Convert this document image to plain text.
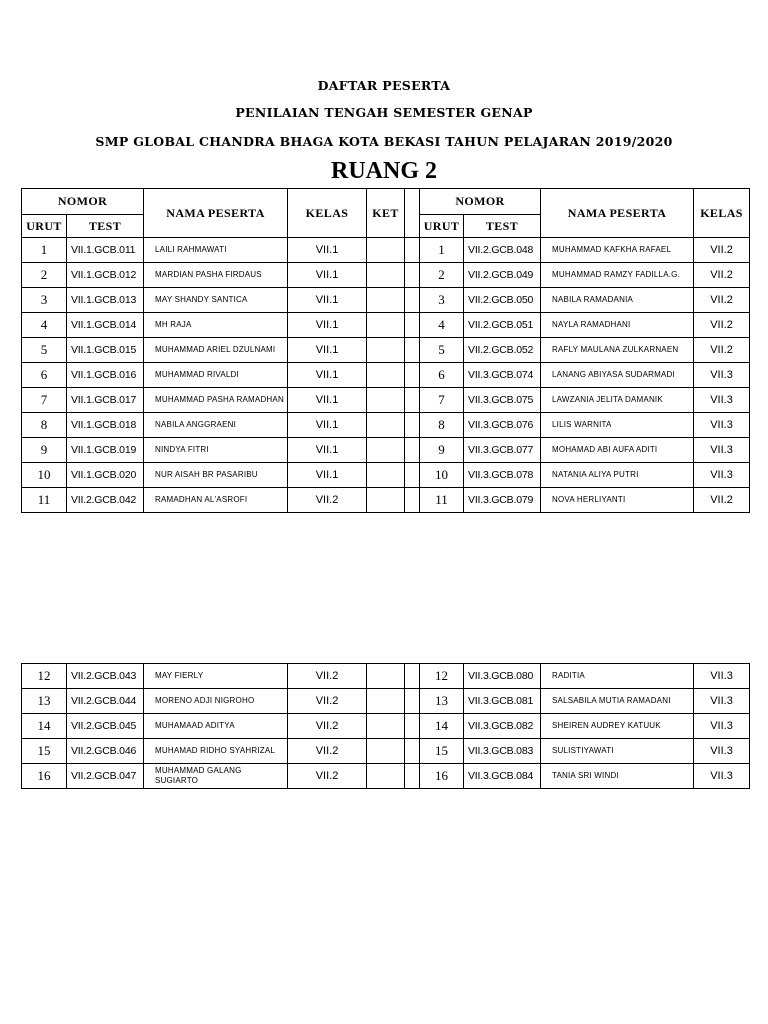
DAFTAR PESERTA
PENILAIAN TENGAH SEMESTER GENAP
SMP GLOBAL CHANDRA BHAGA KOTA BEKASI TAHUN PELAJARAN 2019/2020
RUANG 2
NOMOR		NAMA PESERTA	KELAS	KET		NOMOR		NAMA PESERTA	KELAS
URUT	TEST					URUT	TEST		
1	VII.1.GCB.011	LAILI RAHMAWATI	VII.1			1	VII.2.GCB.048	MUHAMMAD KAFKHA RAFAEL	VII.2
2	VII.1.GCB.012	MARDIAN PASHA FIRDAUS	VII.1			2	VII.2.GCB.049	MUHAMMAD RAMZY FADILLA.G.	VII.2
3	VII.1.GCB.013	MAY SHANDY SANTICA	VII.1			3	VII.2.GCB.050	NABILA RAMADANIA	VII.2
4	VII.1.GCB.014	MH RAJA	VII.1			4	VII.2.GCB.051	NAYLA RAMADHANI	VII.2
5	VII.1.GCB.015	MUHAMMAD ARIEL DZULNAMI	VII.1			5	VII.2.GCB.052	RAFLY MAULANA ZULKARNAEN	VII.2
6	VII.1.GCB.016	MUHAMMAD RIVALDI	VII.1			6	VII.3.GCB.074	LANANG ABIYASA SUDARMADI	VII.3
7	VII.1.GCB.017	MUHAMMAD PASHA RAMADHAN	VII.1			7	VII.3.GCB.075	LAWZANIA JELITA DAMANIK	VII.3
8	VII.1.GCB.018	NABILA ANGGRAENI	VII.1			8	VII.3.GCB.076	LILIS WARNITA	VII.3
9	VII.1.GCB.019	NINDYA FITRI	VII.1			9	VII.3.GCB.077	MOHAMAD ABI AUFA ADITI	VII.3
10	VII.1.GCB.020	NUR AISAH BR PASARIBU	VII.1			10	VII.3.GCB.078	NATANIA ALIYA PUTRI	VII.3
11	VII.2.GCB.042	RAMADHAN AL'ASROFI	VII.2			11	VII.3.GCB.079	NOVA HERLIYANTI	VII.2
12	VII.2.GCB.043	MAY FIERLY	VII.2			12	VII.3.GCB.080	RADITIA	VII.3
13	VII.2.GCB.044	MORENO ADJI NIGROHO	VII.2			13	VII.3.GCB.081	SALSABILA MUTIA RAMADANI	VII.3
14	VII.2.GCB.045	MUHAMAAD ADITYA	VII.2			14	VII.3.GCB.082	SHEIREN AUDREY KATUUK	VII.3
15	VII.2.GCB.046	MUHAMAD RIDHO SYAHRIZAL	VII.2			15	VII.3.GCB.083	SULISTIYAWATI	VII.3
16	VII.2.GCB.047	MUHAMMAD GALANG SUGIARTO	VII.2			16	VII.3.GCB.084	TANIA SRI WINDI	VII.3
